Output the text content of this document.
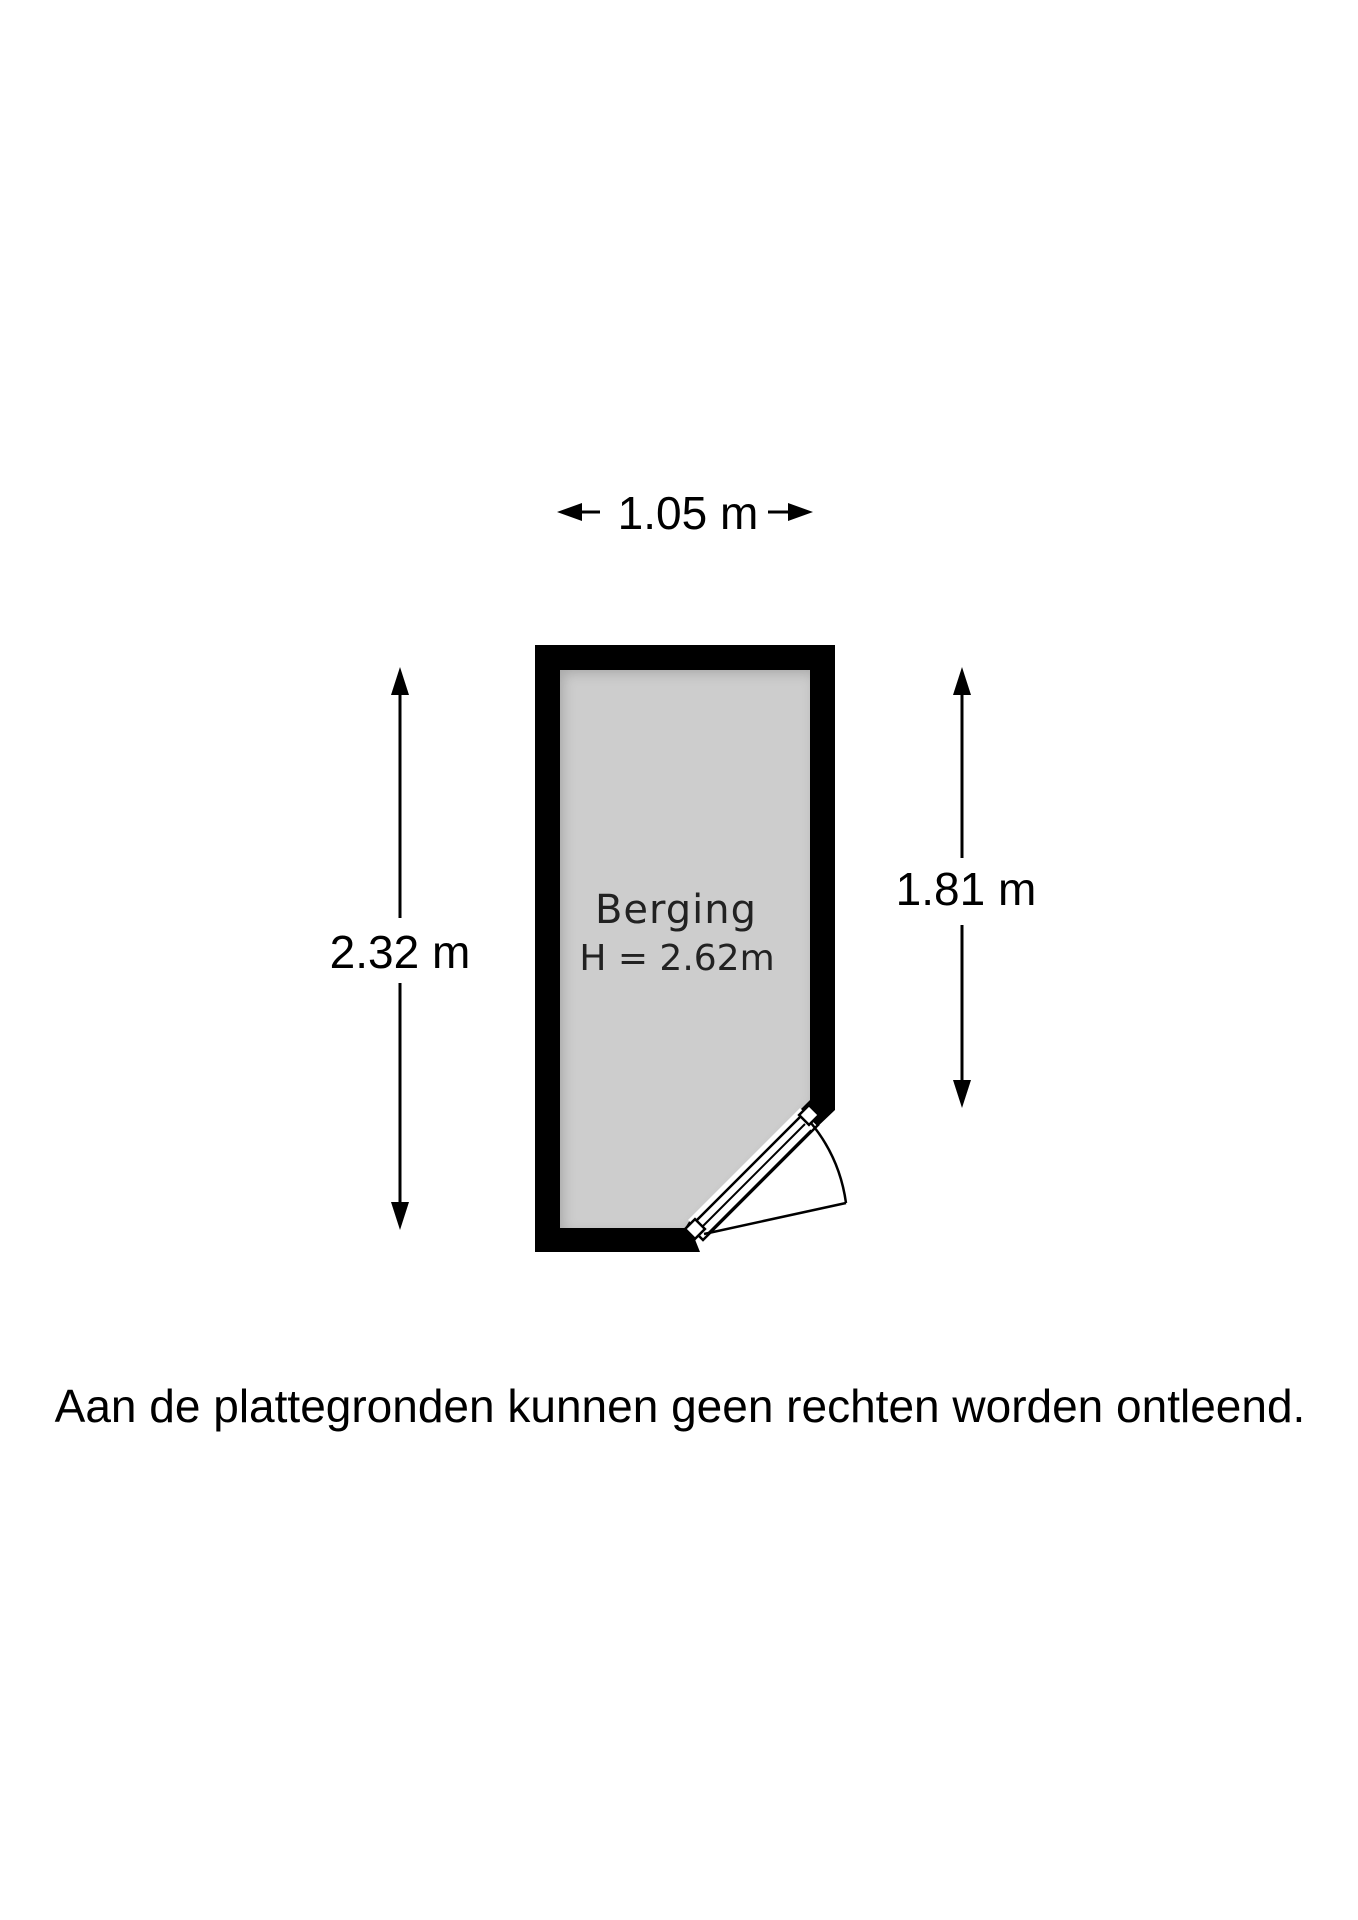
1.05 m
2.32 m
1.81 m
Berging
H = 2.62m
Aan de plattegronden kunnen geen rechten worden ontleend.
